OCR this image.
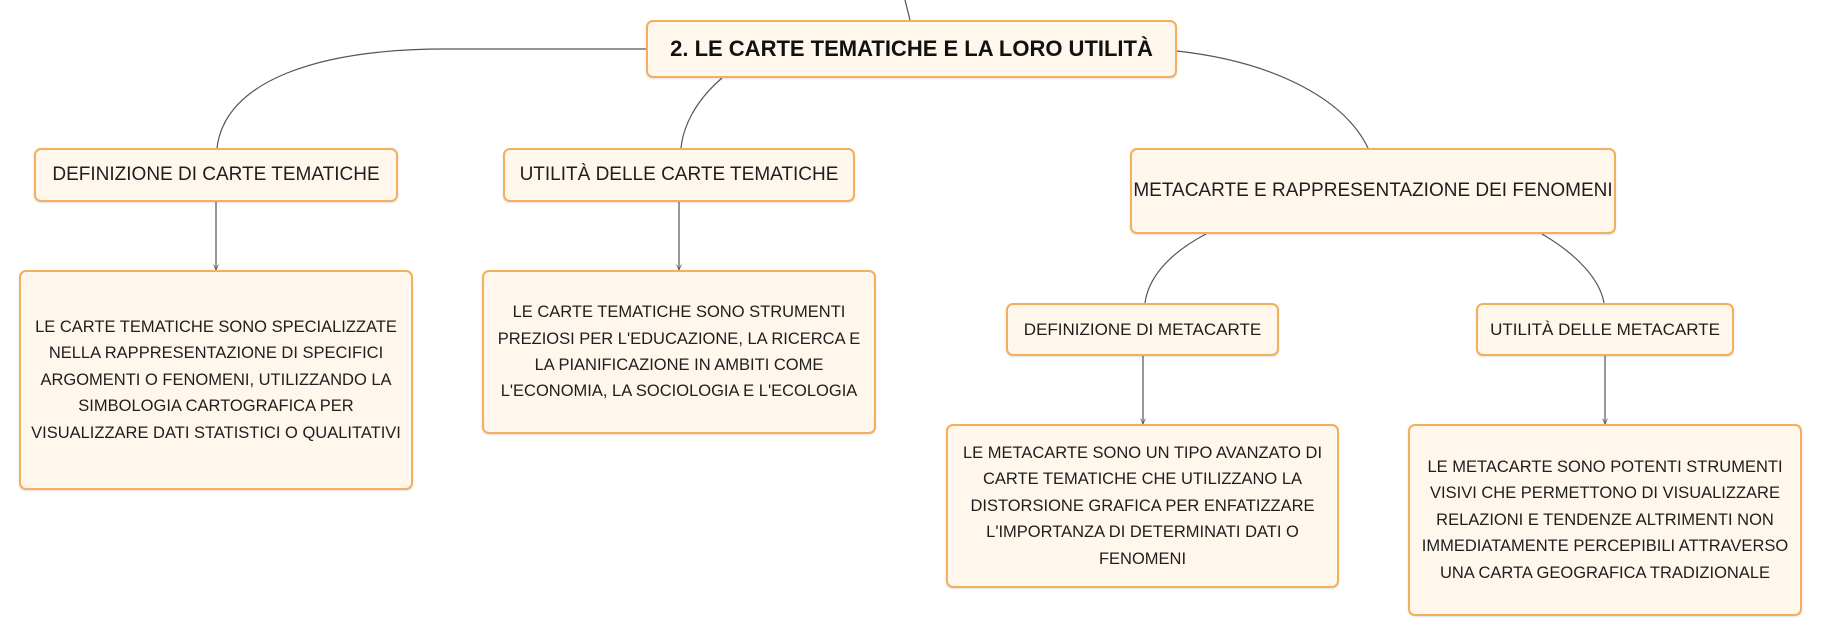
2. LE CARTE TEMATICHE E LA LORO UTILITÀ
DEFINIZIONE DI CARTE TEMATICHE
LE CARTE TEMATICHE SONO SPECIALIZZATE NELLA RAPPRESENTAZIONE DI SPECIFICI ARGOMENTI O FENOMENI, UTILIZZANDO LA SIMBOLOGIA CARTOGRAFICA PER VISUALIZZARE DATI STATISTICI O QUALITATIVI
UTILITÀ DELLE CARTE TEMATICHE
LE CARTE TEMATICHE SONO STRUMENTI PREZIOSI PER L'EDUCAZIONE, LA RICERCA E LA PIANIFICAZIONE IN AMBITI COME L'ECONOMIA, LA SOCIOLOGIA E L'ECOLOGIA
METACARTE E RAPPRESENTAZIONE DEI FENOMENI
DEFINIZIONE DI METACARTE
LE METACARTE SONO UN TIPO AVANZATO DI CARTE TEMATICHE CHE UTILIZZANO LA DISTORSIONE GRAFICA PER ENFATIZZARE L'IMPORTANZA DI DETERMINATI DATI O FENOMENI
UTILITÀ DELLE METACARTE
LE METACARTE SONO POTENTI STRUMENTI VISIVI CHE PERMETTONO DI VISUALIZZARE RELAZIONI E TENDENZE ALTRIMENTI NON IMMEDIATAMENTE PERCEPIBILI ATTRAVERSO UNA CARTA GEOGRAFICA TRADIZIONALE
